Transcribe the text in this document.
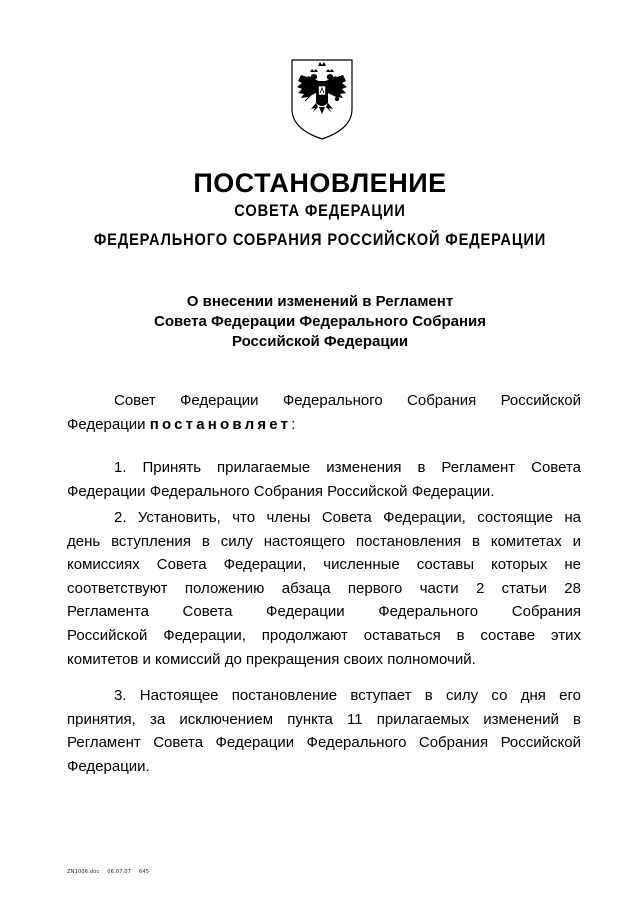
ПОСТАНОВЛЕНИЕ
СОВЕТА ФЕДЕРАЦИИ
ФЕДЕРАЛЬНОГО СОБРАНИЯ РОССИЙСКОЙ ФЕДЕРАЦИИ
О внесении изменений в Регламент
Совета Федерации Федерального Собрания
Российской Федерации
Совет Федерации Федерального Собрания Российской
Федерации постановляет:
1. Принять прилагаемые изменения в Регламент Совета
Федерации Федерального Собрания Российской Федерации.
2. Установить, что члены Совета Федерации, состоящие на
день вступления в силу настоящего постановления в комитетах и
комиссиях Совета Федерации, численные составы которых не
соответствуют положению абзаца первого части 2 статьи 28
Регламента Совета Федерации Федерального Собрания
Российской Федерации, продолжают оставаться в составе этих
комитетов и комиссий до прекращения своих полномочий.
3. Настоящее постановление вступает в силу со дня его
принятия, за исключением пункта 11 прилагаемых изменений в
Регламент Совета Федерации Федерального Собрания Российской
Федерации.
ZN1006.doc 06.07.07 645
